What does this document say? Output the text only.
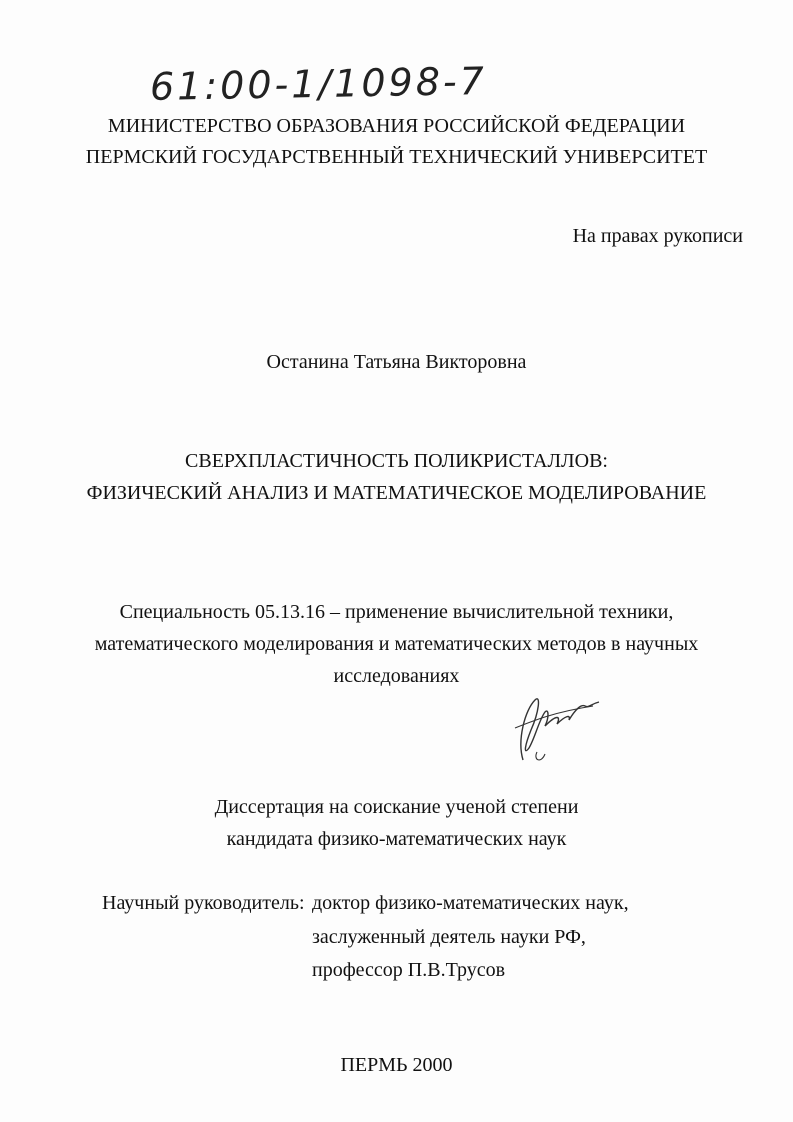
61:00-1/1098-7
МИНИСТЕРСТВО ОБРАЗОВАНИЯ РОССИЙСКОЙ ФЕДЕРАЦИИ
ПЕРМСКИЙ ГОСУДАРСТВЕННЫЙ ТЕХНИЧЕСКИЙ УНИВЕРСИТЕТ
На правах рукописи
Останина Татьяна Викторовна
СВЕРХПЛАСТИЧНОСТЬ ПОЛИКРИСТАЛЛОВ:
ФИЗИЧЕСКИЙ АНАЛИЗ И МАТЕМАТИЧЕСКОЕ МОДЕЛИРОВАНИЕ
Специальность 05.13.16 – применение вычислительной техники,
математического моделирования и математических методов в научных
исследованиях
Диссертация на соискание ученой степени
кандидата физико-математических наук
Научный руководитель: доктор физико-математических наук,
заслуженный деятель науки РФ,
профессор П.В.Трусов
ПЕРМЬ 2000
